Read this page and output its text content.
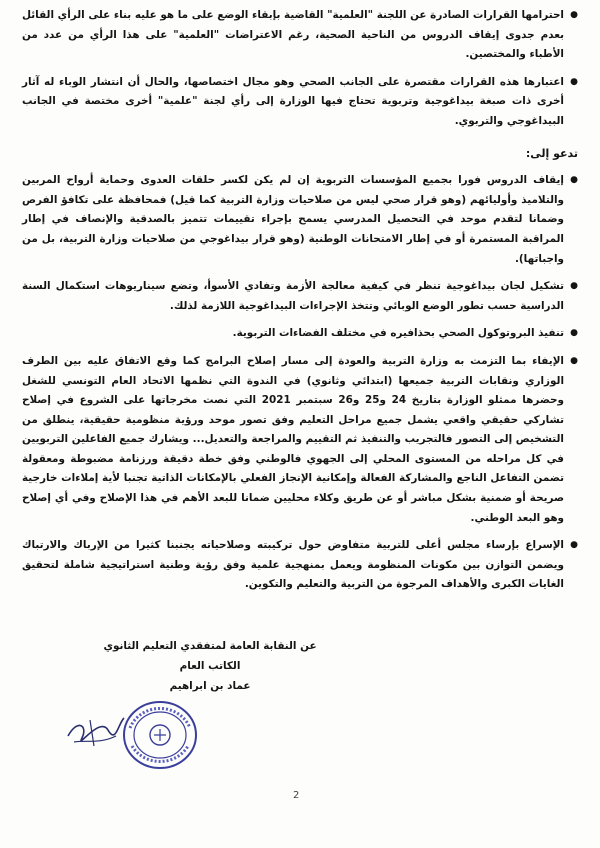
●
احترامها القرارات الصادرة عن اللجنة "العلمية" القاضية بإبقاء الوضع على ما هو عليه بناء على الرأي القائل بعدم جدوى إيقاف الدروس من الناحية الصحية، رغم الاعتراضات "العلمية" على هذا الرأي من عدد من الأطباء والمختصين.

●
اعتبارها هذه القرارات مقتصرة على الجانب الصحي وهو مجال اختصاصها، والحال أن انتشار الوباء له آثار أخرى ذات صبغة بيداغوجية وتربوية تحتاج فيها الوزارة إلى رأي لجنة "علمية" أخرى مختصة في الجانب البيداغوجي والتربوي.

تدعو إلى:

●
إيقاف الدروس فورا بجميع المؤسسات التربوية إن لم يكن لكسر حلقات العدوى وحماية أرواح المربين والتلاميذ وأوليائهم (وهو قرار صحي ليس من صلاحيات وزارة التربية كما قيل) فمحافظة على تكافؤ الفرص وضمانا لتقدم موحد في التحصيل المدرسي يسمح بإجراء تقييمات تتميز بالصدقية والإنصاف في إطار المراقبة المستمرة أو في إطار الامتحانات الوطنية (وهو قرار بيداغوجي من صلاحيات وزارة التربية، بل من واجباتها).

●
تشكيل لجان بيداغوجية تنظر في كيفية معالجة الأزمة وتفادي الأسوأ، وتضع سيناريوهات استكمال السنة الدراسية حسب تطور الوضع الوبائي وتتخذ الإجراءات البيداغوجية اللازمة لذلك.

●
تنفيذ البروتوكول الصحي بحذافيره في مختلف الفضاءات التربوية.

●
الإيفاء بما التزمت به وزارة التربية والعودة إلى مسار إصلاح البرامج كما وقع الاتفاق عليه بين الطرف الوزاري ونقابات التربية جميعها (ابتدائي وثانوي) في الندوة التي نظمها الاتحاد العام التونسي للشغل وحضرها ممثلو الوزارة بتاريخ 24 و25 و26 سبتمبر 2021 التي نصت مخرجاتها على الشروع في إصلاح تشاركي حقيقي واقعي يشمل جميع مراحل التعليم وفق تصور موحد ورؤية منظومية حقيقية، ينطلق من التشخيص إلى التصور فالتجريب والتنفيذ ثم التقييم والمراجعة والتعديل... ويشارك جميع الفاعلين التربويين في كل مراحله من المستوى المحلي إلى الجهوي فالوطني وفق خطة دقيقة ورزنامة مضبوطة ومعقولة تضمن التفاعل الناجع والمشاركة الفعالة وإمكانية الإنجاز الفعلي بالإمكانات الذاتية تجنبا لأية إملاءات خارجية صريحة أو ضمنية بشكل مباشر أو عن طريق وكلاء محليين ضمانا للبعد الأهم في هذا الإصلاح وفي أي إصلاح وهو البعد الوطني.

●
الإسراع بإرساء مجلس أعلى للتربية متفاوض حول تركيبته وصلاحياته يجنبنا كثيرا من الإرباك والارتباك ويضمن التوازن بين مكونات المنظومة ويعمل بمنهجية علمية وفق رؤية وطنية استراتيجية شاملة لتحقيق الغايات الكبرى والأهداف المرجوة من التربية والتعليم والتكوين.

عن النقابة العامة لمتفقدي التعليم الثانوي
الكاتب العام
عماد بن ابراهيم
2
